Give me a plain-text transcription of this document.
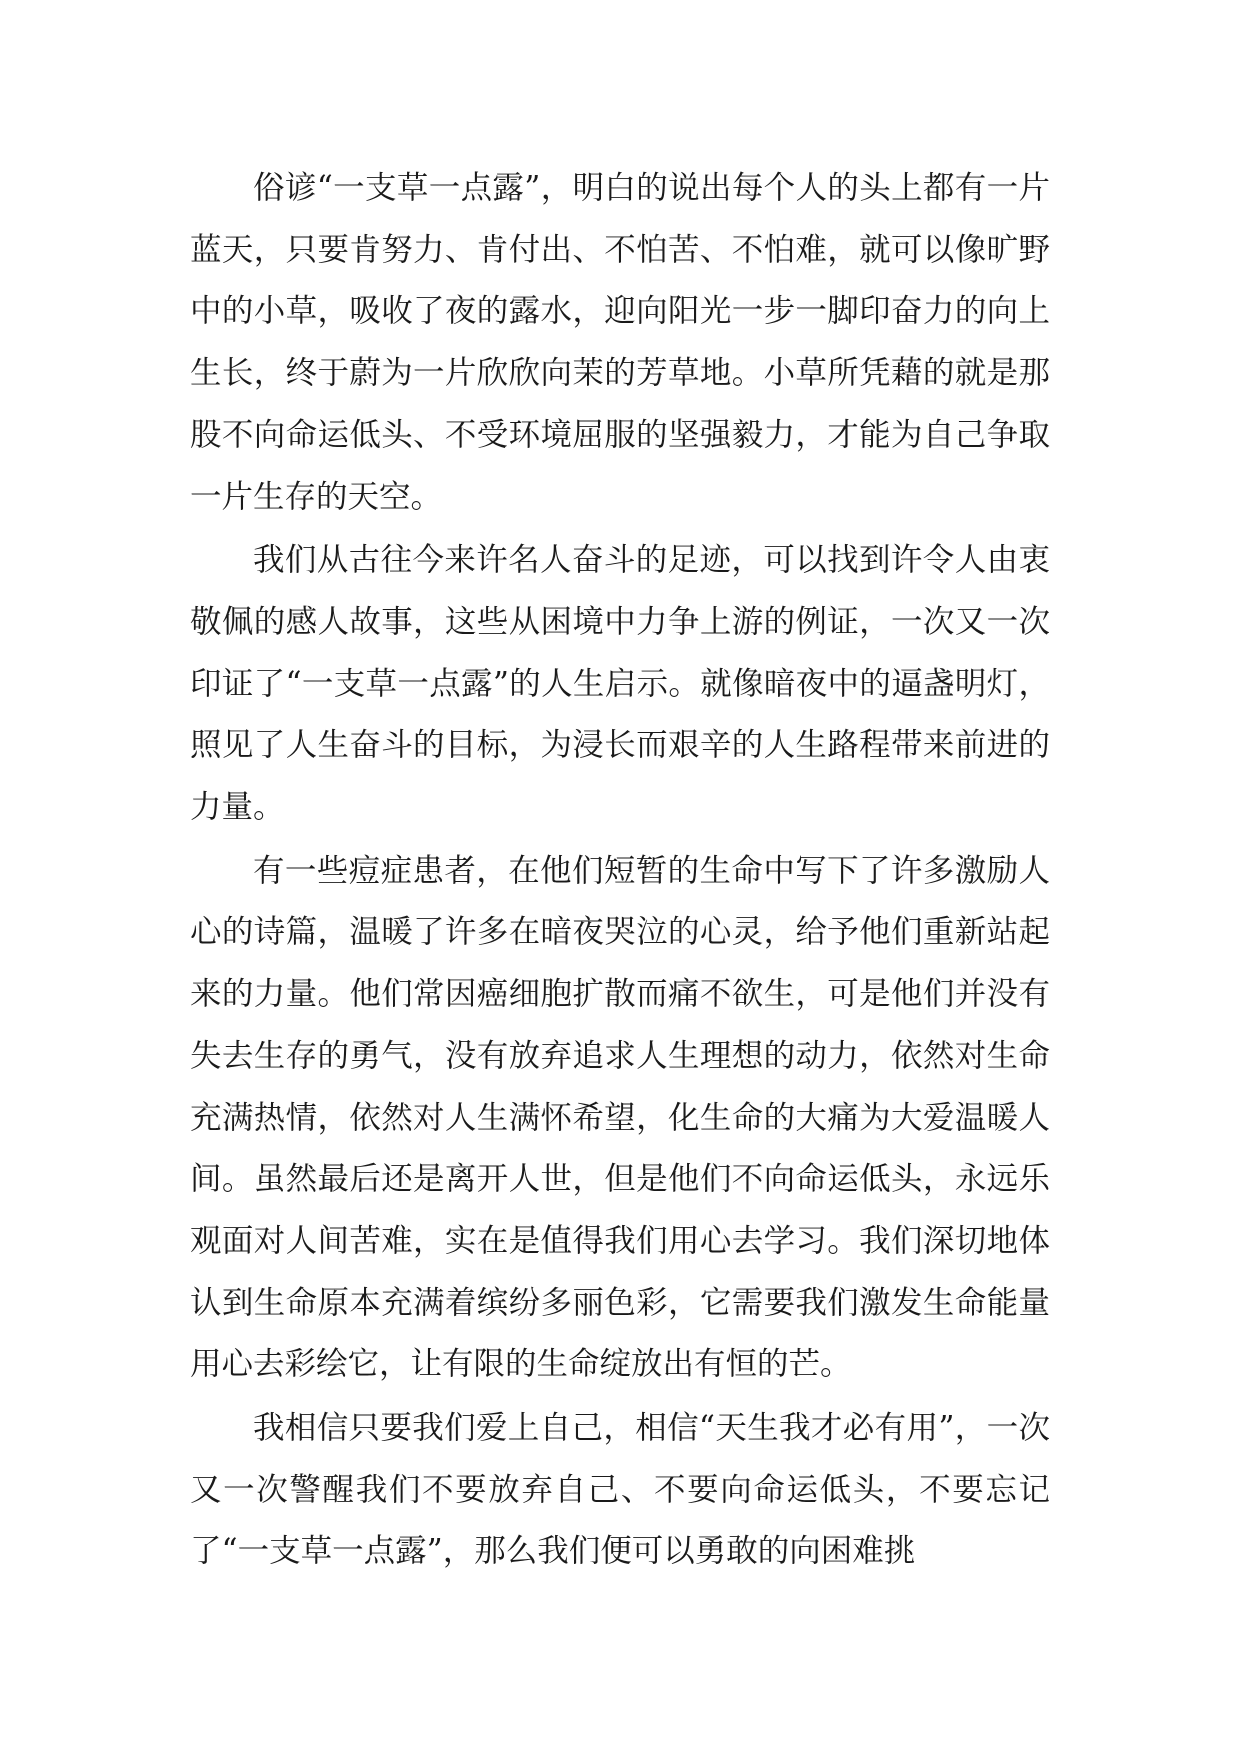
俗谚“一支草一点露”，明白的说出每个人的头上都有一片蓝天，只要肯努力、肯付出、不怕苦、不怕难，就可以像旷野中的小草，吸收了夜的露水，迎向阳光一步一脚印奋力的向上生长，终于蔚为一片欣欣向茉的芳草地。小草所凭藉的就是那股不向命运低头、不受环境屈服的坚强毅力，才能为自己争取一片生存的天空。

我们从古往今来许名人奋斗的足迹，可以找到许令人由衷敬佩的感人故事，这些从困境中力争上游的例证，一次又一次印证了“一支草一点露”的人生启示。就像暗夜中的逼盏明灯，照见了人生奋斗的目标，为浸长而艰辛的人生路程带来前进的力量。

有一些痘症患者，在他们短暂的生命中写下了许多激励人心的诗篇，温暖了许多在暗夜哭泣的心灵，给予他们重新站起来的力量。他们常因癌细胞扩散而痛不欲生，可是他们并没有失去生存的勇气，没有放弃追求人生理想的动力，依然对生命充满热情，依然对人生满怀希望，化生命的大痛为大爱温暖人间。虽然最后还是离开人世，但是他们不向命运低头，永远乐观面对人间苦难，实在是值得我们用心去学习。我们深切地体认到生命原本充满着缤纷多丽色彩，它需要我们激发生命能量用心去彩绘它，让有限的生命绽放出有恒的芒。

我相信只要我们爱上自己，相信“天生我才必有用”，一次又一次警醒我们不要放弃自己、不要向命运低头，不要忘记了“一支草一点露”，那么我们便可以勇敢的向困难挑
